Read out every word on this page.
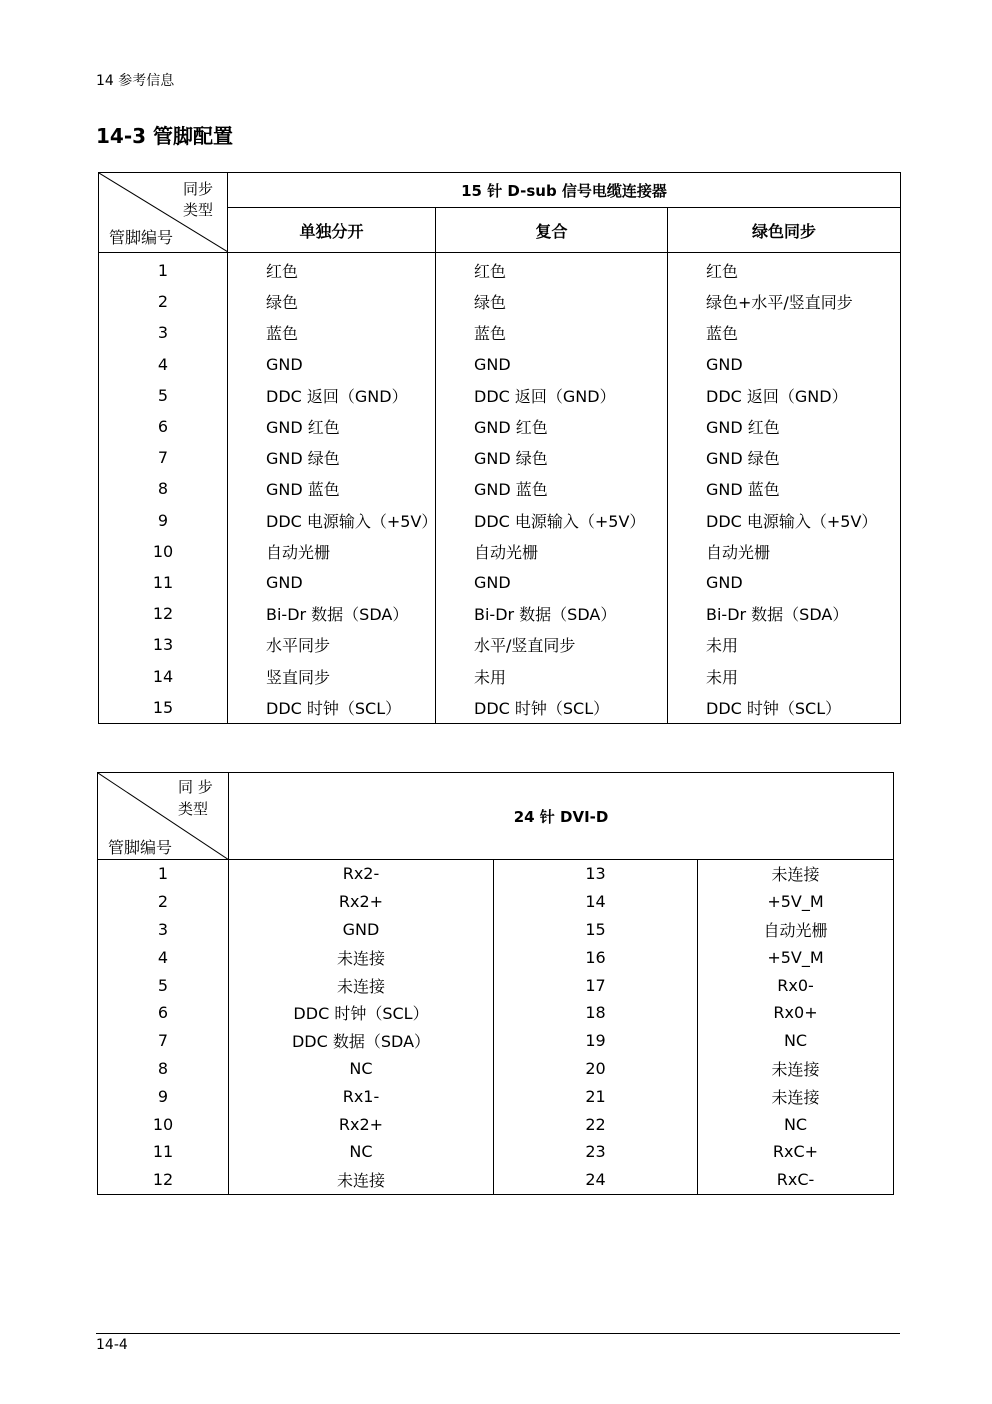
14 参考信息
14-3 管脚配置
同步
类型
管脚编号	15 针 D-sub 信号电缆连接器		
	单独分开	复合	绿色同步
1	红色	红色	红色
2	绿色	绿色	绿色+水平/竖直同步
3	蓝色	蓝色	蓝色
4	GND	GND	GND
5	DDC 返回（GND）	DDC 返回（GND）	DDC 返回（GND）
6	GND 红色	GND 红色	GND 红色
7	GND 绿色	GND 绿色	GND 绿色
8	GND 蓝色	GND 蓝色	GND 蓝色
9	DDC 电源输入（+5V）	DDC 电源输入（+5V）	DDC 电源输入（+5V）
10	自动光栅	自动光栅	自动光栅
11	GND	GND	GND
12	Bi-Dr 数据（SDA）	Bi-Dr 数据（SDA）	Bi-Dr 数据（SDA）
13	水平同步	水平/竖直同步	未用
14	竖直同步	未用	未用
15	DDC 时钟（SCL）	DDC 时钟（SCL）	DDC 时钟（SCL）
同 步
类型
管脚编号	24 针 DVI-D		
1	Rx2-	13	未连接
2	Rx2+	14	+5V_M
3	GND	15	自动光栅
4	未连接	16	+5V_M
5	未连接	17	Rx0-
6	DDC 时钟（SCL）	18	Rx0+
7	DDC 数据（SDA）	19	NC
8	NC	20	未连接
9	Rx1-	21	未连接
10	Rx2+	22	NC
11	NC	23	RxC+
12	未连接	24	RxC-
14-4
